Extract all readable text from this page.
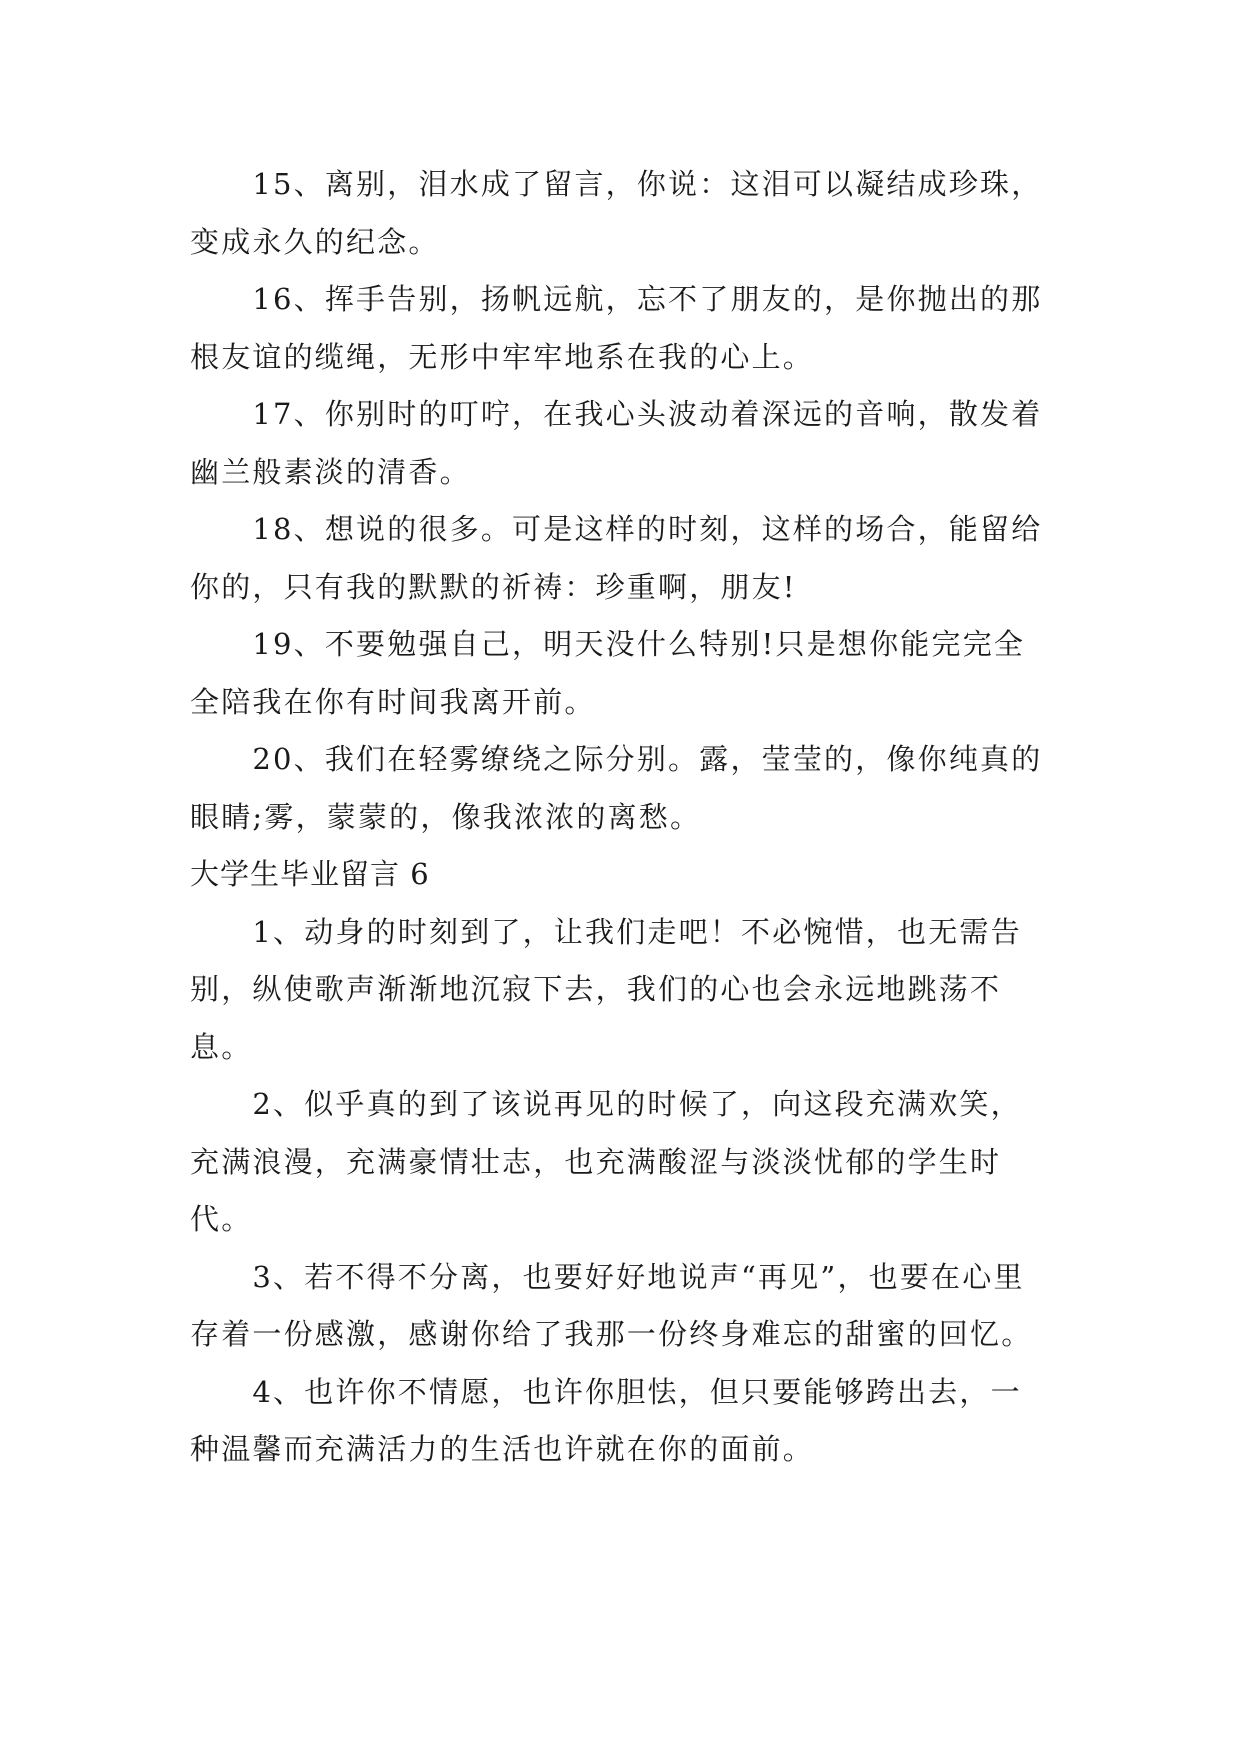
15、离别，泪水成了留言，你说：这泪可以凝结成珍珠，变成永久的纪念。

16、挥手告别，扬帆远航，忘不了朋友的，是你抛出的那根友谊的缆绳，无形中牢牢地系在我的心上。

17、你别时的叮咛，在我心头波动着深远的音响，散发着幽兰般素淡的清香。

18、想说的很多。可是这样的时刻，这样的场合，能留给你的，只有我的默默的祈祷：珍重啊，朋友!

19、不要勉强自己，明天没什么特别!只是想你能完完全全陪我在你有时间我离开前。

20、我们在轻雾缭绕之际分别。露，莹莹的，像你纯真的眼睛;雾，蒙蒙的，像我浓浓的离愁。

大学生毕业留言 6

1、动身的时刻到了，让我们走吧！不必惋惜，也无需告别，纵使歌声渐渐地沉寂下去，我们的心也会永远地跳荡不息。

2、似乎真的到了该说再见的时候了，向这段充满欢笑，充满浪漫，充满豪情壮志，也充满酸涩与淡淡忧郁的学生时代。

3、若不得不分离，也要好好地说声“再见”，也要在心里存着一份感激，感谢你给了我那一份终身难忘的甜蜜的回忆。

4、也许你不情愿，也许你胆怯，但只要能够跨出去，一种温馨而充满活力的生活也许就在你的面前。
